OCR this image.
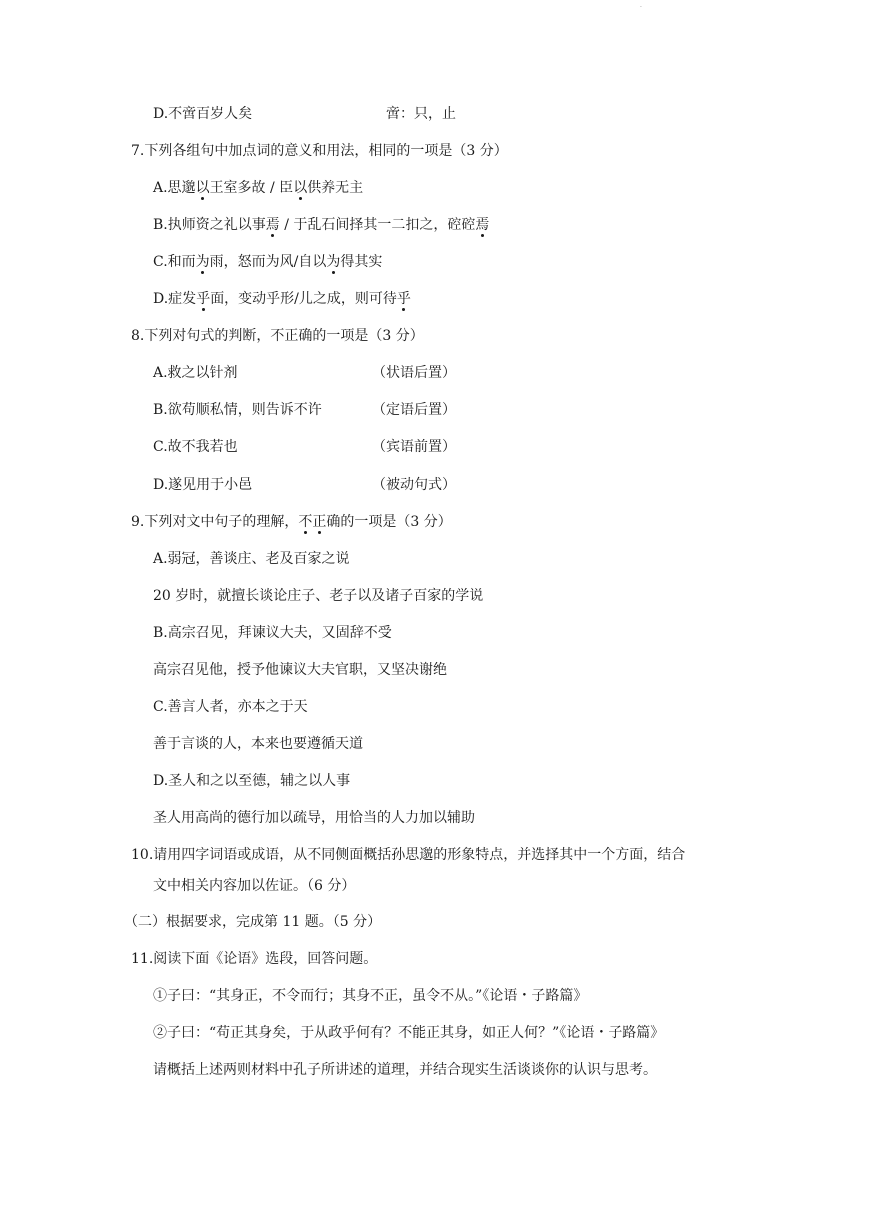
·
D.不啻百岁人矣	啻：只，止
7.下列各组句中加点词的意义和用法，相同的一项是（3 分）
A.思邈以王室多故 / 臣以供养无主
B.执师资之礼以事焉 / 于乱石间择其一二扣之，硿硿焉
C.和而为雨，怒而为风/自以为得其实
D.症发乎面，变动乎形/儿之成，则可待乎
8.下列对句式的判断，不正确的一项是（3 分）
A.救之以针剂	（状语后置）
B.欲苟顺私情，则告诉不许	（定语后置）
C.故不我若也	（宾语前置）
D.遂见用于小邑	（被动句式）
9.下列对文中句子的理解，不正确的一项是（3 分）
A.弱冠，善谈庄、老及百家之说
20 岁时，就擅长谈论庄子、老子以及诸子百家的学说
B.高宗召见，拜谏议大夫，又固辞不受
高宗召见他，授予他谏议大夫官职，又坚决谢绝
C.善言人者，亦本之于天
善于言谈的人，本来也要遵循天道
D.圣人和之以至德，辅之以人事
圣人用高尚的德行加以疏导，用恰当的人力加以辅助
10.请用四字词语或成语，从不同侧面概括孙思邈的形象特点，并选择其中一个方面，结合
文中相关内容加以佐证。（6 分）
（二）根据要求，完成第 11 题。（5 分）
11.阅读下面《论语》选段，回答问题。
①子曰：“其身正，不令而行；其身不正，虽令不从。”《论语・子路篇》
②子曰：“苟正其身矣，于从政乎何有？不能正其身，如正人何？”《论语・子路篇》
请概括上述两则材料中孔子所讲述的道理，并结合现实生活谈谈你的认识与思考。
